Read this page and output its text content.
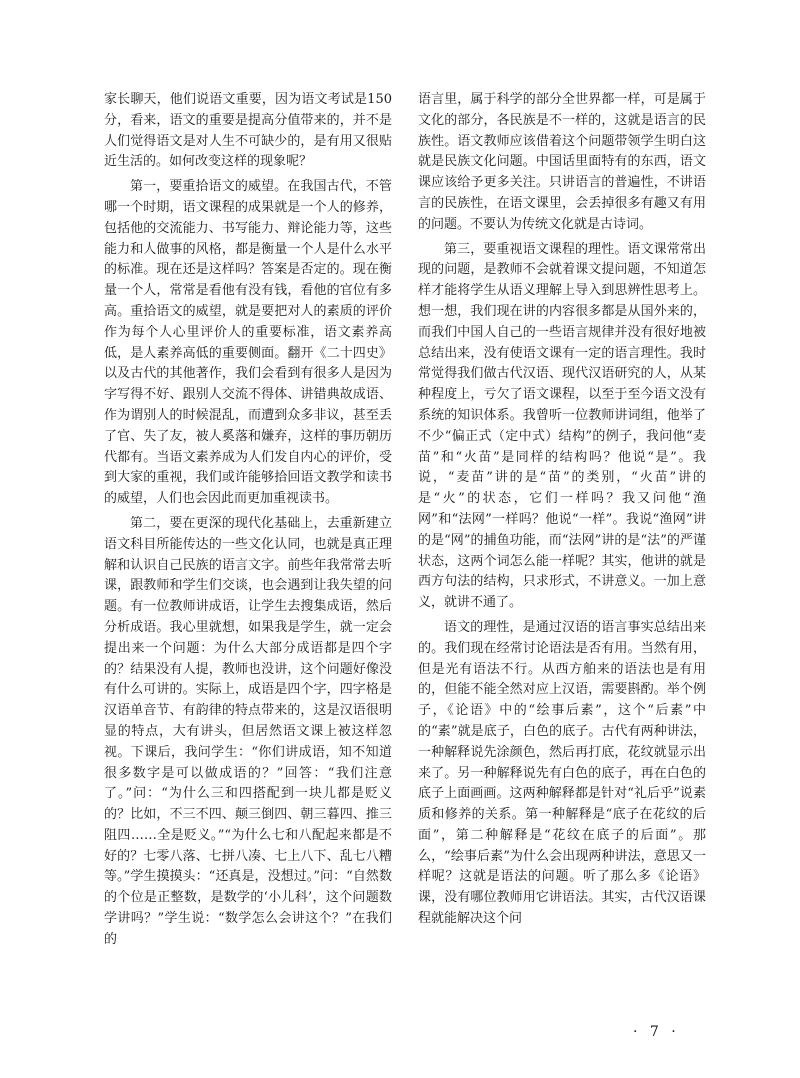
家长聊天，他们说语文重要，因为语文考试是150分，看来，语文的重要是提高分值带来的，并不是人们觉得语文是对人生不可缺少的，是有用又很贴近生活的。如何改变这样的现象呢？

第一，要重拾语文的威望。在我国古代，不管哪一个时期，语文课程的成果就是一个人的修养，包括他的交流能力、书写能力、辩论能力等，这些能力和人做事的风格，都是衡量一个人是什么水平的标准。现在还是这样吗？答案是否定的。现在衡量一个人，常常是看他有没有钱，看他的官位有多高。重拾语文的威望，就是要把对人的素质的评价作为每个人心里评价人的重要标准，语文素养高低，是人素养高低的重要侧面。翻开《二十四史》以及古代的其他著作，我们会看到有很多人是因为字写得不好、跟别人交流不得体、讲错典故成语、作为谓别人的时候混乱，而遭到众多非议，甚至丢了官、失了友，被人奚落和嫌弃，这样的事历朝历代都有。当语文素养成为人们发自内心的评价，受到大家的重视，我们或许能够拾回语文教学和读书的威望，人们也会因此而更加重视读书。

第二，要在更深的现代化基础上，去重新建立语文科目所能传达的一些文化认同，也就是真正理解和认识自己民族的语言文字。前些年我常常去听课，跟教师和学生们交谈，也会遇到让我失望的问题。有一位教师讲成语，让学生去搜集成语，然后分析成语。我心里就想，如果我是学生，就一定会提出来一个问题：为什么大部分成语都是四个字的？结果没有人提，教师也没讲，这个问题好像没有什么可讲的。实际上，成语是四个字，四字格是汉语单音节、有韵律的特点带来的，这是汉语很明显的特点，大有讲头，但居然语文课上被这样忽视。下课后，我问学生：“你们讲成语，知不知道很多数字是可以做成语的？”回答：“我们注意了。”问：“为什么三和四搭配到一块儿都是贬义的？比如，不三不四、颠三倒四、朝三暮四、推三阻四……全是贬义。”“为什么七和八配起来都是不好的？七零八落、七拼八凑、七上八下、乱七八糟等。”学生摸摸头：“还真是，没想过。”问：“自然数的个位是正整数，是数学的‘小儿科’，这个问题数学讲吗？”学生说：“数学怎么会讲这个？”在我们的

语言里，属于科学的部分全世界都一样，可是属于文化的部分，各民族是不一样的，这就是语言的民族性。语文教师应该借着这个问题带领学生明白这就是民族文化问题。中国话里面特有的东西，语文课应该给予更多关注。只讲语言的普遍性，不讲语言的民族性，在语文课里，会丢掉很多有趣又有用的问题。不要认为传统文化就是古诗词。

第三，要重视语文课程的理性。语文课常常出现的问题，是教师不会就着课文提问题，不知道怎样才能将学生从语义理解上导入到思辨性思考上。想一想，我们现在讲的内容很多都是从国外来的，而我们中国人自己的一些语言规律并没有很好地被总结出来，没有使语文课有一定的语言理性。我时常觉得我们做古代汉语、现代汉语研究的人，从某种程度上，亏欠了语文课程，以至于至今语文没有系统的知识体系。我曾听一位教师讲词组，他举了不少“偏正式（定中式）结构”的例子，我问他“麦苗”和“火苗”是同样的结构吗？他说“是”。我说，“麦苗”讲的是“苗”的类别，“火苗”讲的是“火”的状态，它们一样吗？我又问他“渔网”和“法网”一样吗？他说“一样”。我说“渔网”讲的是“网”的捕鱼功能，而“法网”讲的是“法”的严谨状态，这两个词怎么能一样呢？其实，他讲的就是西方句法的结构，只求形式，不讲意义。一加上意义，就讲不通了。

语文的理性，是通过汉语的语言事实总结出来的。我们现在经常讨论语法是否有用。当然有用，但是光有语法不行。从西方舶来的语法也是有用的，但能不能全然对应上汉语，需要斟酌。举个例子，《论语》中的“绘事后素”，这个“后素”中的“素”就是底子，白色的底子。古代有两种讲法，一种解释说先涂颜色，然后再打底，花纹就显示出来了。另一种解释说先有白色的底子，再在白色的底子上面画画。这两种解释都是针对“礼后乎”说素质和修养的关系。第一种解释是“底子在花纹的后面”，第二种解释是“花纹在底子的后面”。那么，“绘事后素”为什么会出现两种讲法，意思又一样呢？这就是语法的问题。听了那么多《论语》课，没有哪位教师用它讲语法。其实，古代汉语课程就能解决这个问

· 7 ·
